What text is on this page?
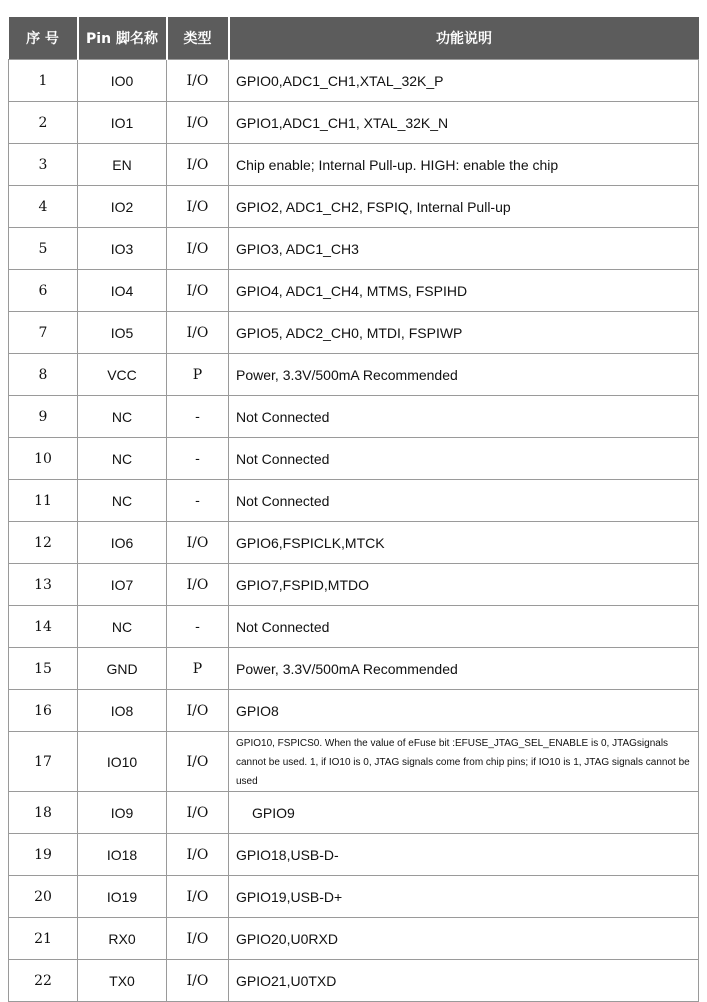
序 号	Pin 脚名称	类型	功能说明
1	IO0	I/O	GPIO0,ADC1_CH1,XTAL_32K_P
2	IO1	I/O	GPIO1,ADC1_CH1, XTAL_32K_N
3	EN	I/O	Chip enable; Internal Pull-up. HIGH: enable the chip
4	IO2	I/O	GPIO2, ADC1_CH2, FSPIQ, Internal Pull-up
5	IO3	I/O	GPIO3, ADC1_CH3
6	IO4	I/O	GPIO4, ADC1_CH4, MTMS, FSPIHD
7	IO5	I/O	GPIO5, ADC2_CH0, MTDI, FSPIWP
8	VCC	P	Power, 3.3V/500mA Recommended
9	NC	-	Not Connected
10	NC	-	Not Connected
11	NC	-	Not Connected
12	IO6	I/O	GPIO6,FSPICLK,MTCK
13	IO7	I/O	GPIO7,FSPID,MTDO
14	NC	-	Not Connected
15	GND	P	Power, 3.3V/500mA Recommended
16	IO8	I/O	GPIO8
17	IO10	I/O	GPIO10, FSPICS0. When the value of eFuse bit :EFUSE_JTAG_SEL_ENABLE is 0, JTAGsignals cannot be used. 1, if IO10 is 0, JTAG signals come from chip pins; if IO10 is 1, JTAG signals cannot be used
18	IO9	I/O	GPIO9
19	IO18	I/O	GPIO18,USB-D-
20	IO19	I/O	GPIO19,USB-D+
21	RX0	I/O	GPIO20,U0RXD
22	TX0	I/O	GPIO21,U0TXD
